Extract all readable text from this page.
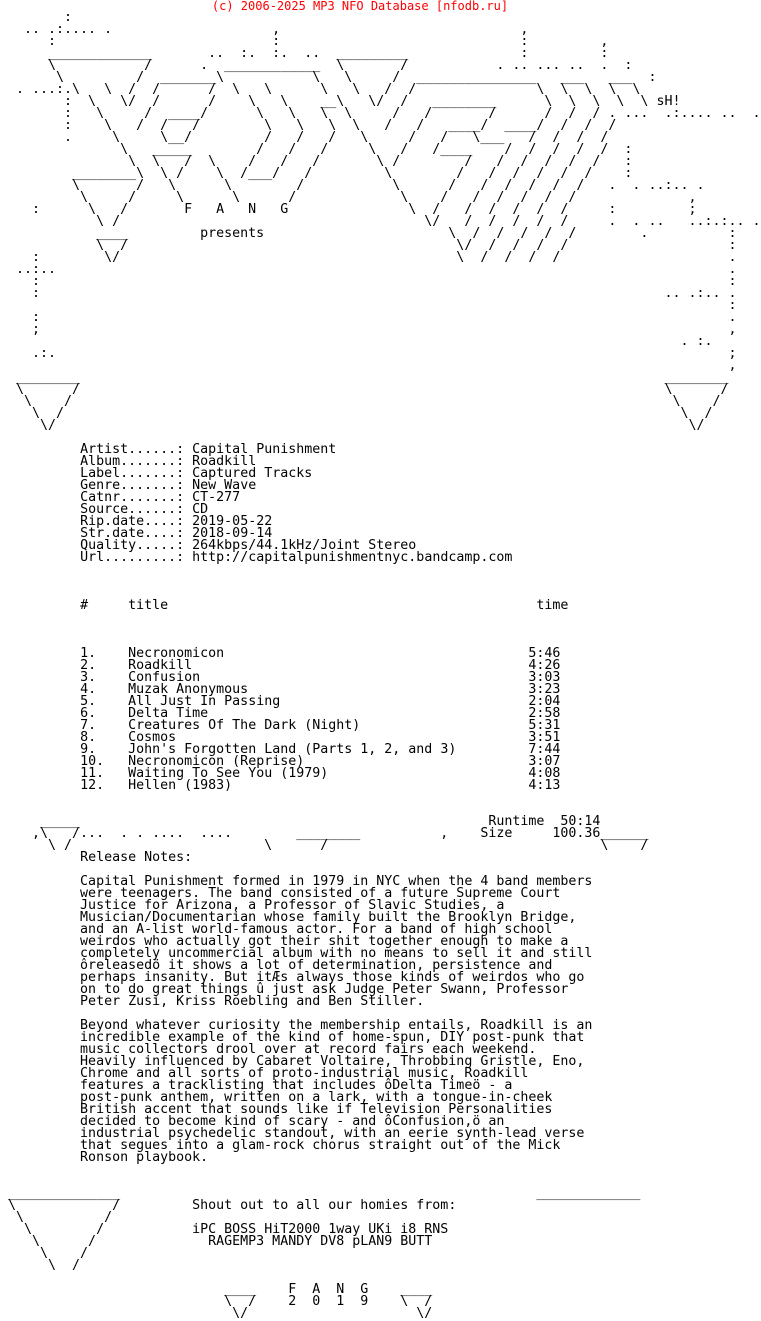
(c) 2006-2025 MP3 NFO Database [nfodb.ru]
:
.. .:.... .                    ,                              ,
:                           :                              :         ,
_____________       ..  :.  :.  ..  _________              :         :
\           /      .  ____________  \       /           . .. ... ..  .  :
\         /  _______\           \   \     /  _______________   ___   ___  :
. ...:.\   \  /  /      /  \   \      \   \   /  /               \  \  \  \  \
:  \   \/  /      /    \   \    __\   \/  /   ________      \  \  \  \  \ sH!
:   \     /  ____/      \   \   \  \     /   /       /      /  /  / . ...  .:.... ..  .
:    \   /  /   /        \   \   \  \   /   /   ____/  ____/  /  /  /
.     \     \__/         /   /   /   \     /   /   \___   /  /  /  /
\   _____        /   /   /     \   /   /____    /  /  /  /  /  :
\  \   /  \    /   /   /       \ /        /   /  /  /  /  /   :
________\  \ /    \  /___/   /         \        /   /  /  /  /  /    :
\       /   \      \        /           \      /   /  /  /  /  /   .  . ..:.. .
\     /     \      \      /             \    /   /  /  /  /  /              ,
:      \   /       F   A   N   G               \  /   /  /  /  /  /     :         ;
\ /                                      \/   /  /  /  /  /     .  . ..   ..:.:.. .
____         presents                       \  /  /  /  /  /        .          :
\  /                                         \/  /  /  /  /                    :
:        \/                                          \  /  /  /  /                     .
..:..                                                                                    .
:                                                                                      :
:                                                                              .. .:.. .
:
:                                                                                      .
;                                                                                      ,
. :.
.:.                                                                                    ;
,
________                                                                         ________
\      /                                                                         \      /
\    /                                                                           \    /
\  /                                                                             \  /
\/                                                                               \/

Artist......: Capital Punishment
Album.......: Roadkill
Label.......: Captured Tracks
Genre.......: New Wave
Catnr.......: CT-277
Source......: CD
Rip.date....: 2019-05-22
Str.date....: 2018-09-14
Quality.....: 264kbps/44.1kHz/Joint Stereo
Url.........: http://capitalpunishmentnyc.bandcamp.com

#	title	time

1.    Necronomicon                                      5:46
2.    Roadkill                                          4:26
3.    Confusion                                         3:03
4.    Muzak Anonymous                                   3:23
5.    All Just In Passing                               2:04
6.    Delta Time                                        2:58
7.    Creatures Of The Dark (Night)                     5:31
8.    Cosmos                                            3:51
9.    John's Forgotten Land (Parts 1, 2, and 3)         7:44
10.   Necronomicon (Reprise)                            3:07
11.   Waiting To See You (1979)                         4:08
12.   Hellen (1983)                                     4:13

_____                                                   Runtime 50:14
,\   /...  . . ....  ....        ________          ,    Size	100.36______
\ /                        \      /                                  \    /
Release Notes:

Capital Punishment formed in 1979 in NYC when the 4 band members
were teenagers. The band consisted of a future Supreme Court
Justice for Arizona, a Professor of Slavic Studies, a
Musician/Documentarian whose family built the Brooklyn Bridge,
and an A-list world-famous actor. For a band of high school
weirdos who actually got their shit together enough to make a
completely uncommercial album with no means to sell it and still
ôreleasedö it shows a lot of determination, persistence and
perhaps insanity. But itÆs always those kinds of weirdos who go
on to do great things û just ask Judge Peter Swann, Professor
Peter Zusi, Kriss Roebling and Ben Stiller.

Beyond whatever curiosity the membership entails, Roadkill is an
incredible example of the kind of home-spun, DIY post-punk that
music collectors drool over at record fairs each weekend.
Heavily influenced by Cabaret Voltaire, Throbbing Gristle, Eno,
Chrome and all sorts of proto-industrial music, Roadkill
features a tracklisting that includes ôDelta Timeö - a
post-punk anthem, written on a lark, with a tongue-in-cheek
British accent that sounds like if Television Personalities
decided to become kind of scary - and ôConfusion,ö an
industrial psychedelic standout, with an eerie synth-lead verse
that segues into a glam-rock chorus straight out of the Mick
Ronson playbook.

______________                                                    _____________
\            /	Shout out to all our homies from:
\          /
\        /	iPC BOSS HiT2000 1way UKi i8 RNS
\      /	RAGEMP3 MANDY DV8 pLAN9 BUTT
\    /
\  /

____    F  A  N  G    ____
\  /    2  0  1  9    \  /
\/                     \/
